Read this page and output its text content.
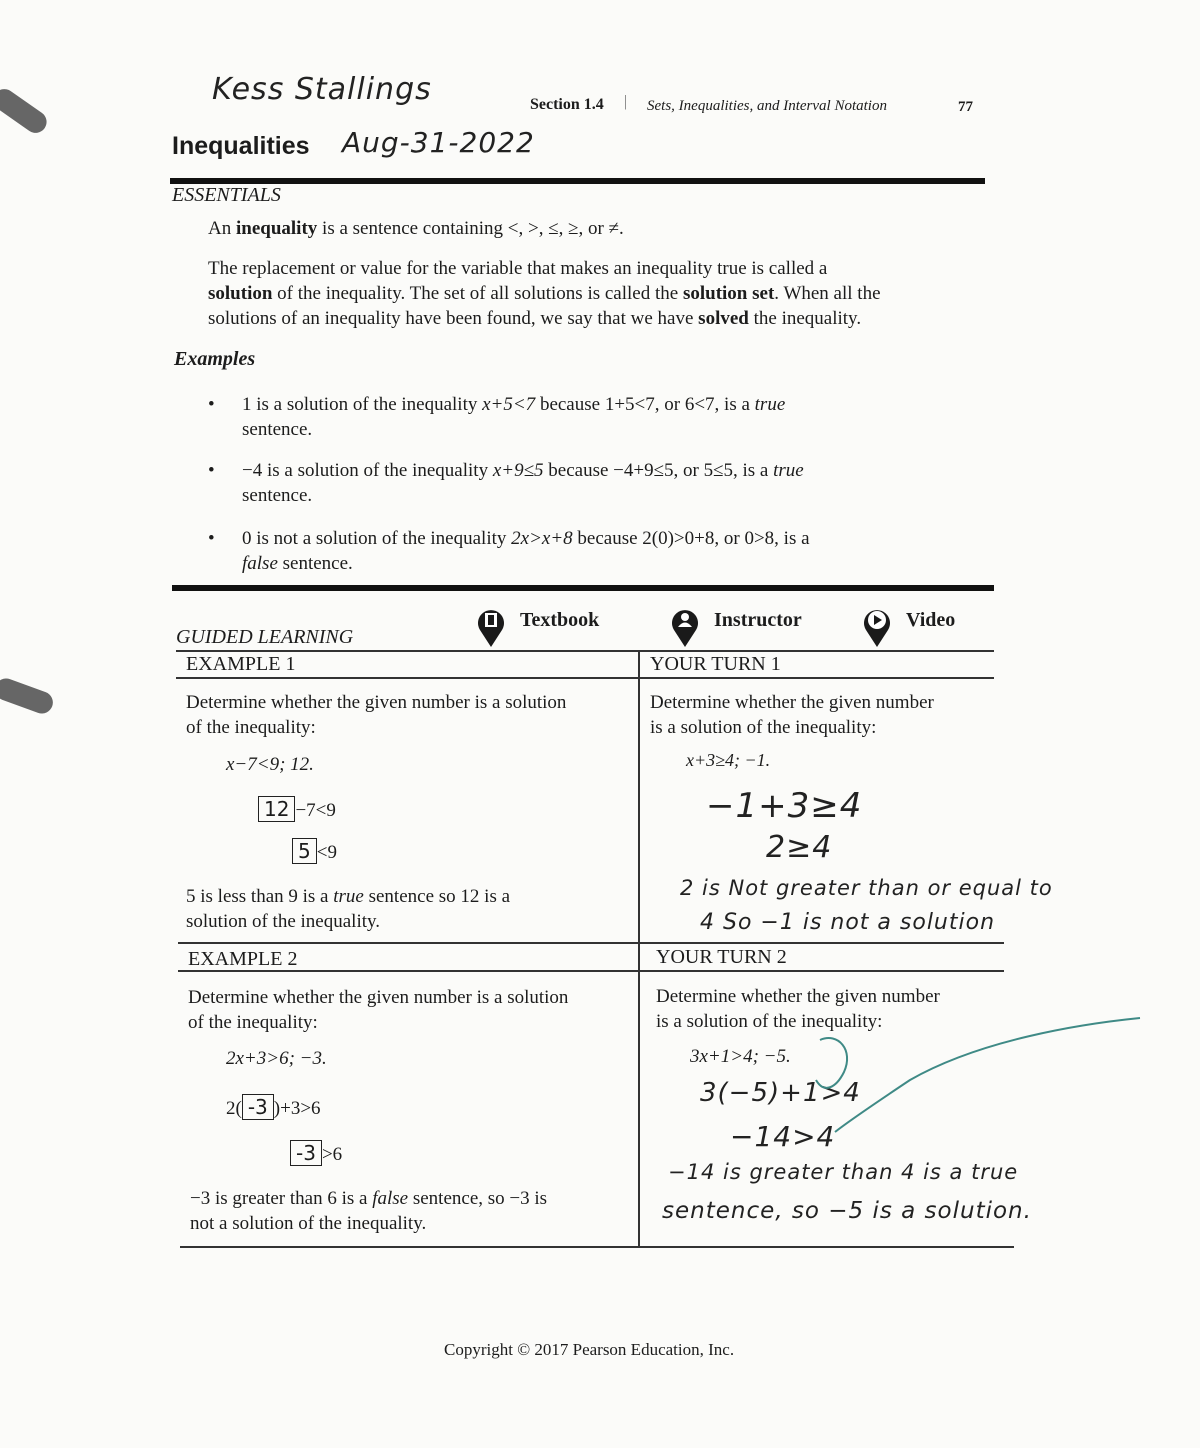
Kess Stallings
Inequalities Aug-31-2022
Section 1.4 | Sets, Inequalities, and Interval Notation	77
ESSENTIALS
An inequality is a sentence containing <, >, ≤, ≥, or ≠.
The replacement or value for the variable that makes an inequality true is called a
solution of the inequality. The set of all solutions is called the solution set. When all the
solutions of an inequality have been found, we say that we have solved the inequality.
Examples
• 1 is a solution of the inequality x+5<7 because 1+5<7, or 6<7, is a true
sentence.
• −4 is a solution of the inequality x+9≤5 because −4+9≤5, or 5≤5, is a true
sentence.
• 0 is not a solution of the inequality 2x>x+8 because 2(0)>0+8, or 0>8, is a
false sentence.
GUIDED LEARNING
Textbook	Instructor	Video
EXAMPLE 1
Determine whether the given number is a solution
of the inequality:
x−7<9; 12.
12 −7<9
5 <9
5 is less than 9 is a true sentence so 12 is a
solution of the inequality.
YOUR TURN 1
Determine whether the given number
is a solution of the inequality:
x+3≥4; −1.
−1+3≥4
2≥4
2 is Not greater than or equal to
4 So −1 is not a solution
EXAMPLE 2
Determine whether the given number is a solution
of the inequality:
2x+3>6; −3.
2( -3 )+3>6
-3 >6
−3 is greater than 6 is a false sentence, so −3 is
not a solution of the inequality.
YOUR TURN 2
Determine whether the given number
is a solution of the inequality:
3x+1>4; −5.
3(−5)+1>4
−14>4
−14 is greater than 4 is a true
sentence, so −5 is a solution.
Copyright © 2017 Pearson Education, Inc.
